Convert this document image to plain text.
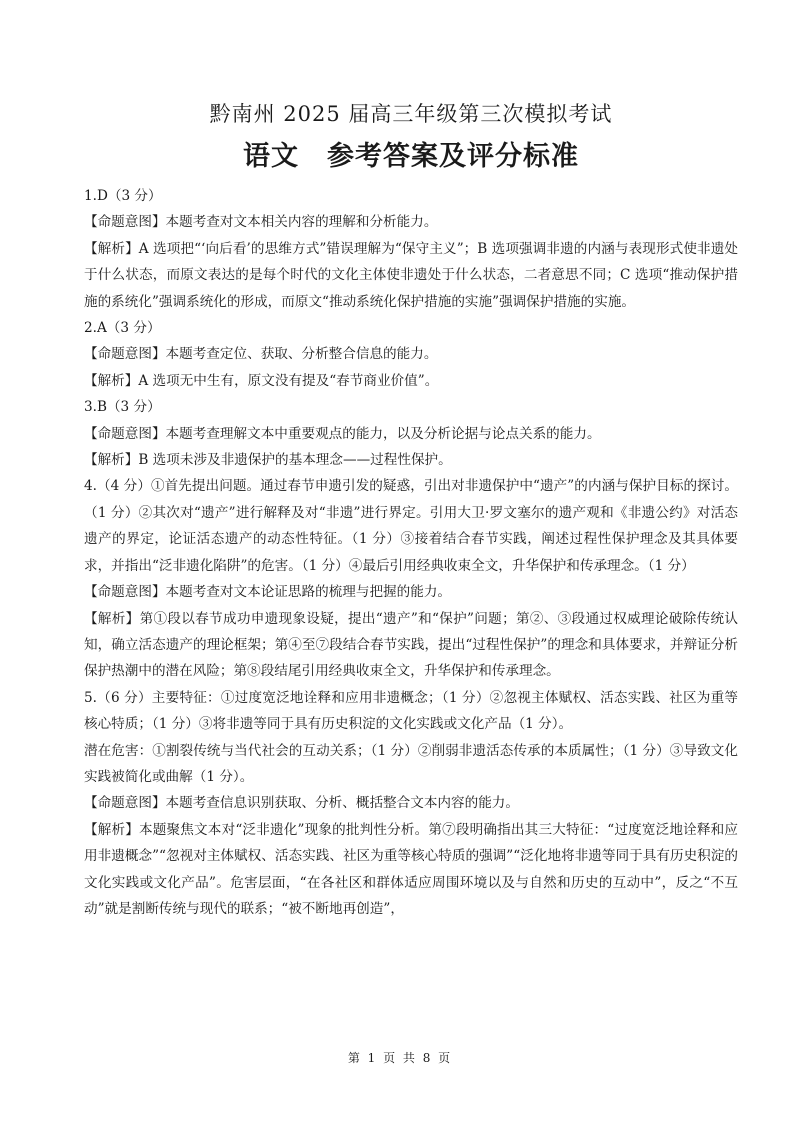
黔南州 2025 届高三年级第三次模拟考试
语文　参考答案及评分标准

1.D（3 分）

【命题意图】本题考查对文本相关内容的理解和分析能力。

【解析】A 选项把“‘向后看’的思维方式”错误理解为“保守主义”；B 选项强调非遗的内涵与表现形式使非遗处于什么状态，而原文表达的是每个时代的文化主体使非遗处于什么状态，二者意思不同；C 选项“推动保护措施的系统化”强调系统化的形成，而原文“推动系统化保护措施的实施”强调保护措施的实施。

2.A（3 分）

【命题意图】本题考查定位、获取、分析整合信息的能力。

【解析】A 选项无中生有，原文没有提及“春节商业价值”。

3.B（3 分）

【命题意图】本题考查理解文本中重要观点的能力，以及分析论据与论点关系的能力。

【解析】B 选项未涉及非遗保护的基本理念——过程性保护。

4.（4 分）①首先提出问题。通过春节申遗引发的疑惑，引出对非遗保护中“遗产”的内涵与保护目标的探讨。（1 分）②其次对“遗产”进行解释及对“非遗”进行界定。引用大卫·罗文塞尔的遗产观和《非遗公约》对活态遗产的界定，论证活态遗产的动态性特征。（1 分）③接着结合春节实践，阐述过程性保护理念及其具体要求，并指出“泛非遗化陷阱”的危害。（1 分）④最后引用经典收束全文，升华保护和传承理念。（1 分）

【命题意图】本题考查对文本论证思路的梳理与把握的能力。

【解析】第①段以春节成功申遗现象设疑，提出“遗产”和“保护”问题；第②、③段通过权威理论破除传统认知，确立活态遗产的理论框架；第④至⑦段结合春节实践，提出“过程性保护”的理念和具体要求，并辩证分析保护热潮中的潜在风险；第⑧段结尾引用经典收束全文，升华保护和传承理念。

5.（6 分）主要特征：①过度宽泛地诠释和应用非遗概念；（1 分）②忽视主体赋权、活态实践、社区为重等核心特质；（1 分）③将非遗等同于具有历史积淀的文化实践或文化产品（1 分）。

潜在危害：①割裂传统与当代社会的互动关系；（1 分）②削弱非遗活态传承的本质属性；（1 分）③导致文化实践被简化或曲解（1 分）。

【命题意图】本题考查信息识别获取、分析、概括整合文本内容的能力。

【解析】本题聚焦文本对“泛非遗化”现象的批判性分析。第⑦段明确指出其三大特征：“过度宽泛地诠释和应用非遗概念”“忽视对主体赋权、活态实践、社区为重等核心特质的强调”“泛化地将非遗等同于具有历史积淀的文化实践或文化产品”。危害层面，“在各社区和群体适应周围环境以及与自然和历史的互动中”，反之“不互动”就是割断传统与现代的联系；“被不断地再创造”，

第 1 页 共 8 页
